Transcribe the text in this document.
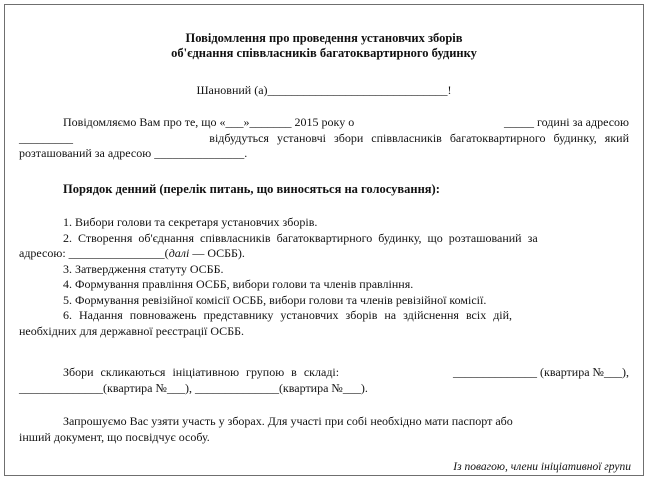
Повідомлення про проведення установчих зборів
об'єднання співвласників багатоквартирного будинку
Шановний (а)______________________________!
Повідомляємо Вам про те, що «___»_______ 2015 року о	_____ годині за адресою
_________	відбудуться установчі збори співвласників багатоквартирного будинку, який
розташований за адресою _______________.
Порядок денний (перелік питань, що виносяться на голосування):
1. Вибори голови та секретаря установчих зборів.
2. Створення об'єднання співвласників багатоквартирного будинку, що розташований за
адресою: ________________(далі — ОСББ).
3. Затвердження статуту ОСББ.
4. Формування правління ОСББ, вибори голови та членів правління.
5. Формування ревізійної комісії ОСББ, вибори голови та членів ревізійної комісії.
6. Надання повноважень представнику установчих зборів на здійснення всіх дій,
необхідних для державної реєстрації ОСББ.
Збори скликаються ініціативною групою в складі:	______________ (квартира №___),
______________(квартира №___), ______________(квартира №___).
Запрошуємо Вас узяти участь у зборах. Для участі при собі необхідно мати паспорт або
інший документ, що посвідчує особу.
Із повагою, члени ініціативної групи
